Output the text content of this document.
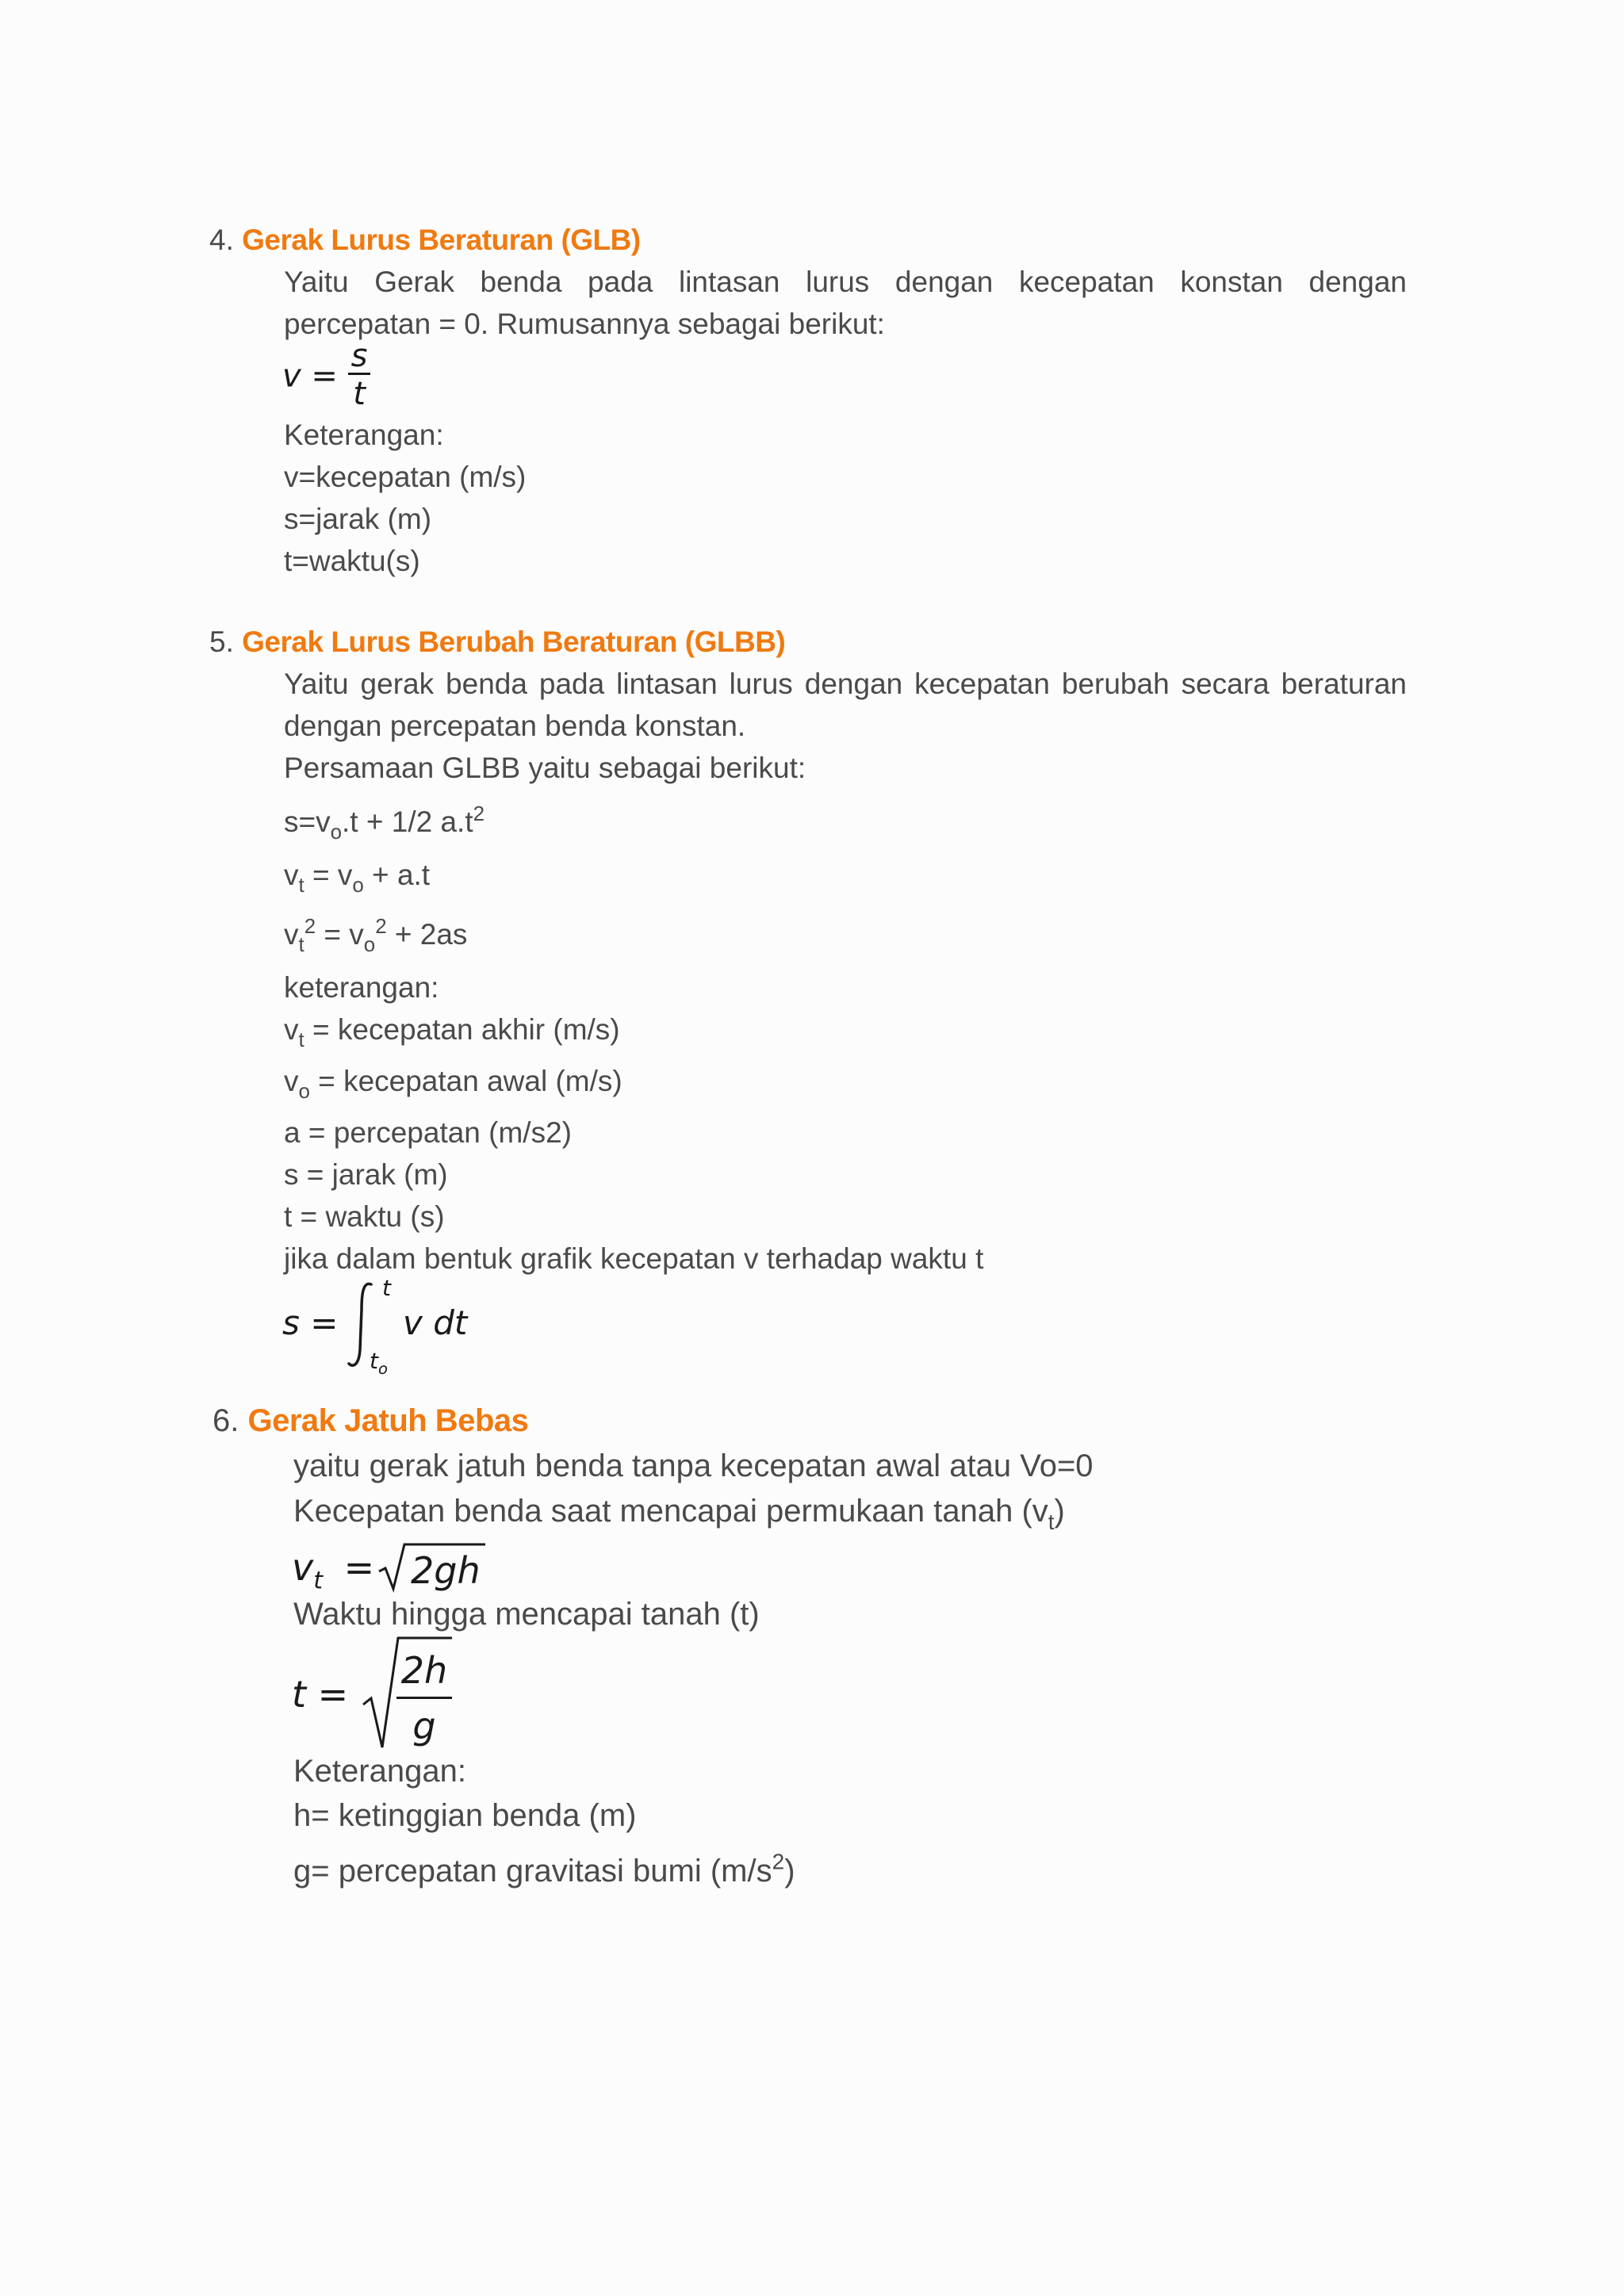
4. Gerak Lurus Beraturan (GLB)
Yaitu Gerak benda pada lintasan lurus dengan kecepatan konstan dengan
percepatan = 0. Rumusannya sebagai berikut:
$v = \frac{s}{t}$
Keterangan:
v=kecepatan (m/s)
s=jarak (m)
t=waktu(s)
5. Gerak Lurus Berubah Beraturan (GLBB)
Yaitu gerak benda pada lintasan lurus dengan kecepatan berubah secara beraturan
dengan percepatan benda konstan.
Persamaan GLBB yaitu sebagai berikut:
$s=v_o.t + 1/2$ $a.t^2$
$v_t = v_o + a.t$
$v_t^2 = v_o^2 + 2as$
keterangan:
$v_t$ = kecepatan akhir (m/s)
$v_o$ = kecepatan awal (m/s)
a = percepatan (m/s2)
s = jarak (m)
t = waktu (s)
jika dalam bentuk grafik kecepatan v terhadap waktu t
s =
t
$t_o$
v dt
6. Gerak Jatuh Bebas
yaitu gerak jatuh benda tanpa kecepatan awal atau Vo=0
Kecepatan benda saat mencapai permukaan tanah $(v_t)$
$v_t = 2gh$
Waktu hingga mencapai tanah (t)
t =
2h
g
Keterangan:
h= ketinggian benda (m)
g= percepatan gravitasi bumi $(m/s^2)$
